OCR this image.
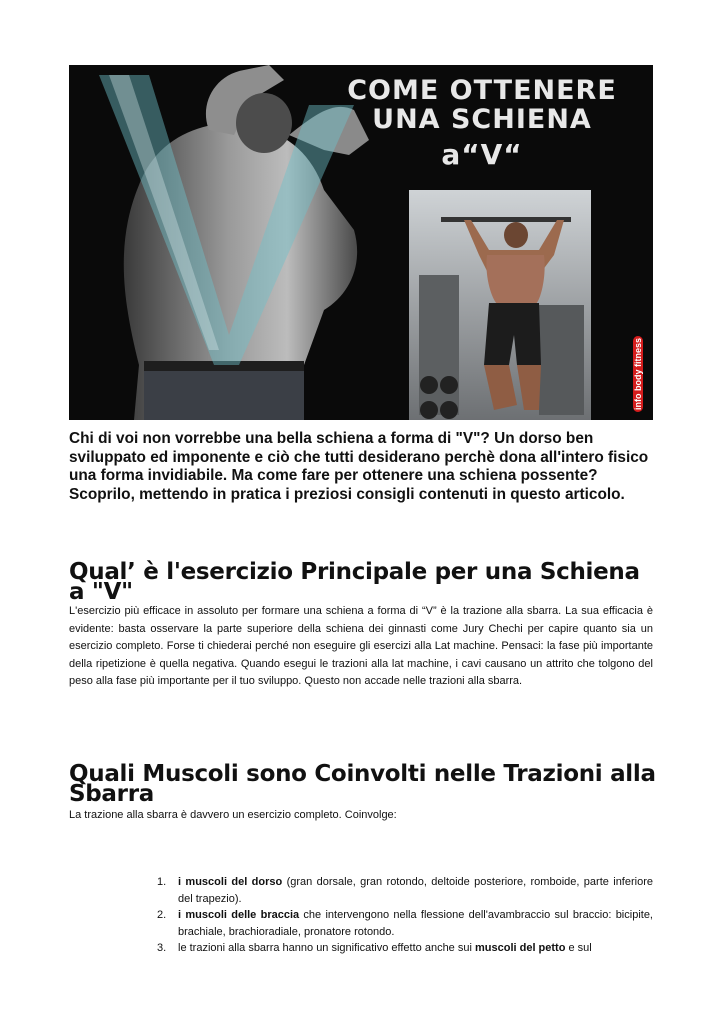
COME OTTENERE
UNA SCHIENA
a“V“
info body fitness

Chi di voi non vorrebbe una bella schiena a forma di "V"? Un dorso ben sviluppato ed imponente e ciò che tutti desiderano perchè dona all'intero fisico una forma invidiabile. Ma come fare per ottenere una schiena possente? Scoprilo, mettendo in pratica i preziosi consigli contenuti in questo articolo.

Qual’ è l'esercizio Principale per una Schiena a "V"

L'esercizio più efficace in assoluto per formare una schiena a forma di “V” è la trazione alla sbarra. La sua efficacia è evidente: basta osservare la parte superiore della schiena dei ginnasti come Jury Chechi per capire quanto sia un esercizio completo. Forse ti chiederai perché non eseguire gli esercizi alla Lat machine. Pensaci: la fase più importante della ripetizione è quella negativa. Quando esegui le trazioni alla lat machine, i cavi causano un attrito che tolgono del peso alla fase più importante per il tuo sviluppo. Questo non accade nelle trazioni alla sbarra.

Quali Muscoli sono Coinvolti nelle Trazioni alla Sbarra

La trazione alla sbarra è davvero un esercizio completo. Coinvolge:

1. i muscoli del dorso (gran dorsale, gran rotondo, deltoide posteriore, romboide, parte inferiore del trapezio).
2. i muscoli delle braccia che intervengono nella flessione dell'avambraccio sul braccio: bicipite, brachiale, brachioradiale, pronatore rotondo.
3. le trazioni alla sbarra hanno un significativo effetto anche sui muscoli del petto e sul
